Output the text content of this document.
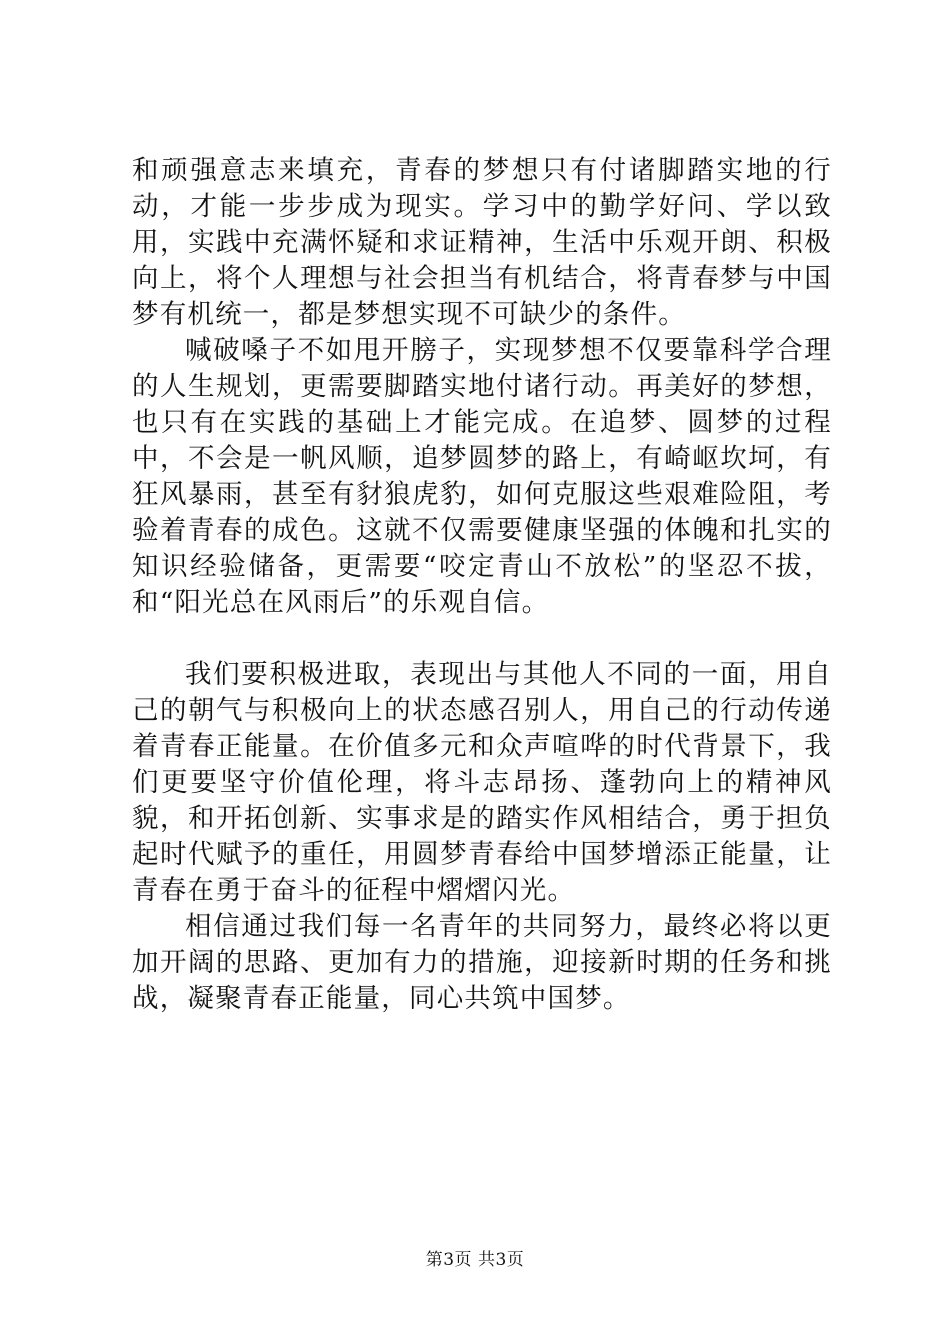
和顽强意志来填充，青春的梦想只有付诸脚踏实地的行动，才能一步步成为现实。学习中的勤学好问、学以致用，实践中充满怀疑和求证精神，生活中乐观开朗、积极向上，将个人理想与社会担当有机结合，将青春梦与中国梦有机统一，都是梦想实现不可缺少的条件。

喊破嗓子不如甩开膀子，实现梦想不仅要靠科学合理的人生规划，更需要脚踏实地付诸行动。再美好的梦想，也只有在实践的基础上才能完成。在追梦、圆梦的过程中，不会是一帆风顺，追梦圆梦的路上，有崎岖坎坷，有狂风暴雨，甚至有豺狼虎豹，如何克服这些艰难险阻，考验着青春的成色。这就不仅需要健康坚强的体魄和扎实的知识经验储备，更需要“咬定青山不放松”的坚忍不拔，和“阳光总在风雨后”的乐观自信。

我们要积极进取，表现出与其他人不同的一面，用自己的朝气与积极向上的状态感召别人，用自己的行动传递着青春正能量。在价值多元和众声喧哗的时代背景下，我们更要坚守价值伦理，将斗志昂扬、蓬勃向上的精神风貌，和开拓创新、实事求是的踏实作风相结合，勇于担负起时代赋予的重任，用圆梦青春给中国梦增添正能量，让青春在勇于奋斗的征程中熠熠闪光。

相信通过我们每一名青年的共同努力，最终必将以更加开阔的思路、更加有力的措施，迎接新时期的任务和挑战，凝聚青春正能量，同心共筑中国梦。

第3页 共3页
